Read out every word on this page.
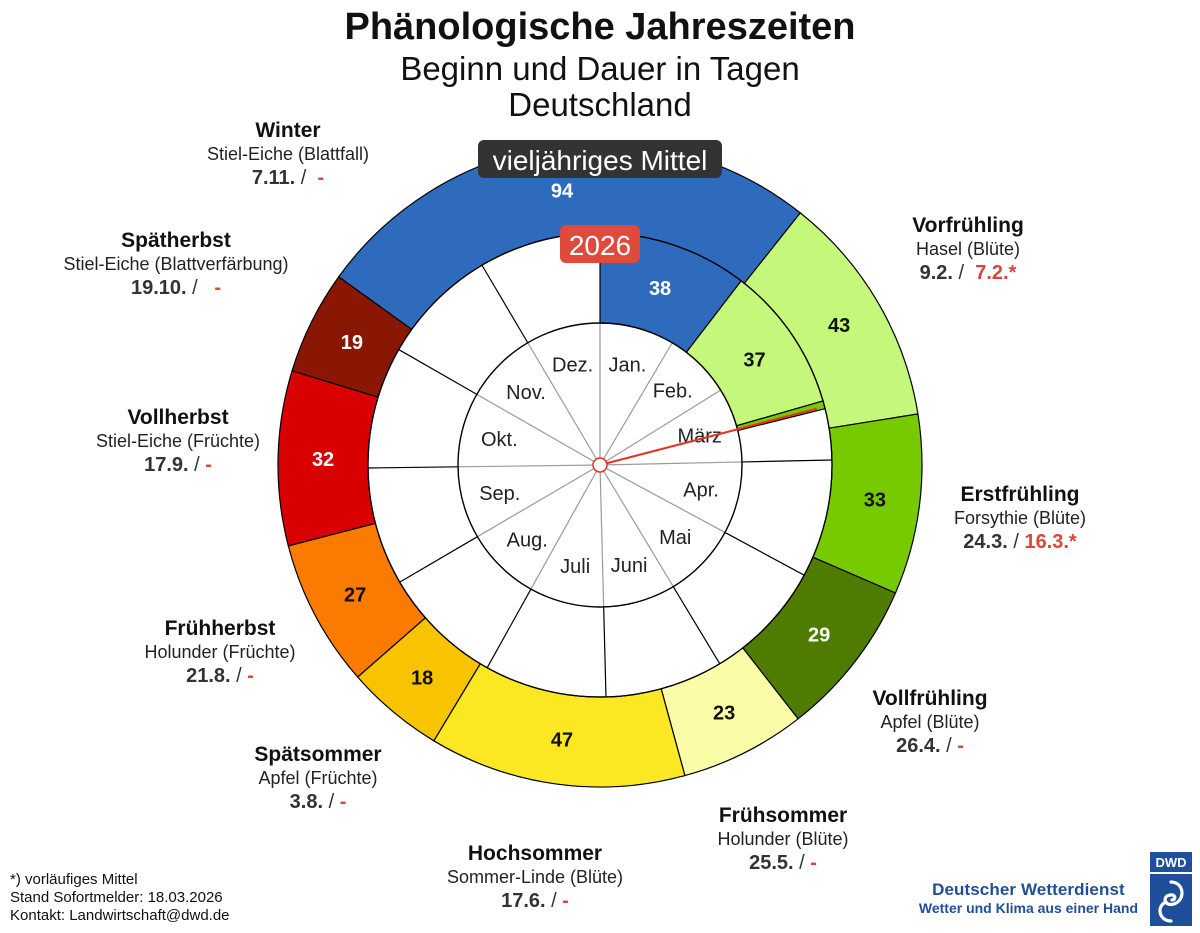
Jan.
Feb.
März
Apr.
Mai
Juni
Juli
Aug.
Sep.
Okt.
Nov.
Dez.
94
43
33
29
23
47
18
27
32
19
38
37
vieljähriges Mittel
2026
Phänologische Jahreszeiten
Beginn und Dauer in Tagen
Deutschland
Winter
Stiel-Eiche (Blattfall)
7.11. / -
Spätherbst
Stiel-Eiche (Blattverfärbung)
19.10. / -
Vollherbst
Stiel-Eiche (Früchte)
17.9. / -
Frühherbst
Holunder (Früchte)
21.8. / -
Spätsommer
Apfel (Früchte)
3.8. / -
Hochsommer
Sommer-Linde (Blüte)
17.6. / -
Frühsommer
Holunder (Blüte)
25.5. / -
Vollfrühling
Apfel (Blüte)
26.4. / -
Erstfrühling
Forsythie (Blüte)
24.3. / 16.3.*
Vorfrühling
Hasel (Blüte)
9.2. / 7.2.*
*) vorläufiges Mittel
Stand Sofortmelder: 18.03.2026
Kontakt: Landwirtschaft@dwd.de
Deutscher Wetterdienst
Wetter und Klima aus einer Hand
DWD
